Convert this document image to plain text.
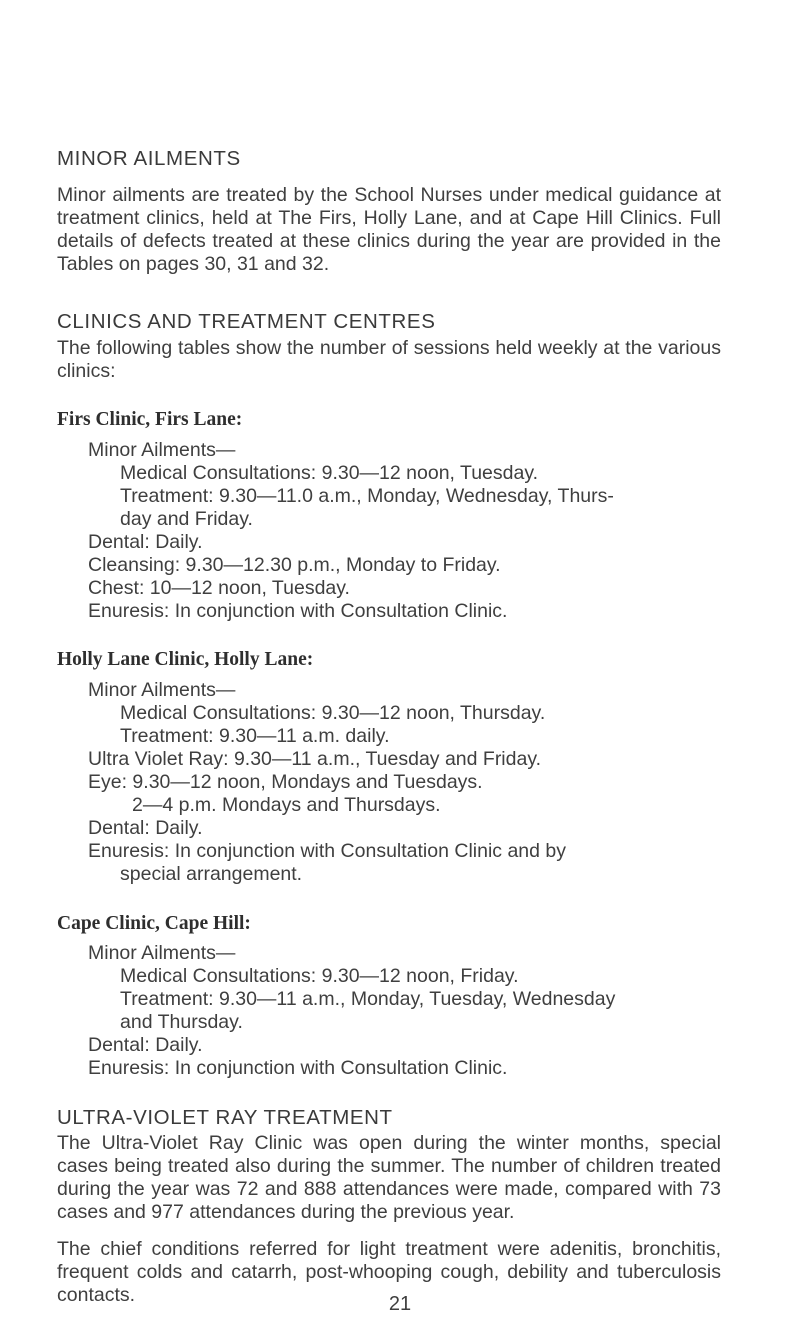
MINOR AILMENTS

Minor ailments are treated by the School Nurses under medical guidance at treatment clinics, held at The Firs, Holly Lane, and at Cape Hill Clinics. Full details of defects treated at these clinics during the year are provided in the Tables on pages 30, 31 and 32.

CLINICS AND TREATMENT CENTRES

The following tables show the number of sessions held weekly at the various clinics:

Firs Clinic, Firs Lane:

Minor Ailments—

Medical Consultations: 9.30—12 noon, Tuesday.

Treatment: 9.30—11.0 a.m., Monday, Wednesday, Thurs-

day and Friday.

Dental: Daily.

Cleansing: 9.30—12.30 p.m., Monday to Friday.

Chest: 10—12 noon, Tuesday.

Enuresis: In conjunction with Consultation Clinic.

Holly Lane Clinic, Holly Lane:

Minor Ailments—

Medical Consultations: 9.30—12 noon, Thursday.

Treatment: 9.30—11 a.m. daily.

Ultra Violet Ray: 9.30—11 a.m., Tuesday and Friday.

Eye: 9.30—12 noon, Mondays and Tuesdays.

2—4 p.m. Mondays and Thursdays.

Dental: Daily.

Enuresis: In conjunction with Consultation Clinic and by

special arrangement.

Cape Clinic, Cape Hill:

Minor Ailments—

Medical Consultations: 9.30—12 noon, Friday.

Treatment: 9.30—11 a.m., Monday, Tuesday, Wednesday

and Thursday.

Dental: Daily.

Enuresis: In conjunction with Consultation Clinic.

ULTRA-VIOLET RAY TREATMENT

The Ultra-Violet Ray Clinic was open during the winter months, special cases being treated also during the summer. The number of children treated during the year was 72 and 888 attendances were made, compared with 73 cases and 977 attendances during the previous year.

The chief conditions referred for light treatment were adenitis, bronchitis, frequent colds and catarrh, post-whooping cough, debility and tuberculosis contacts.	21
